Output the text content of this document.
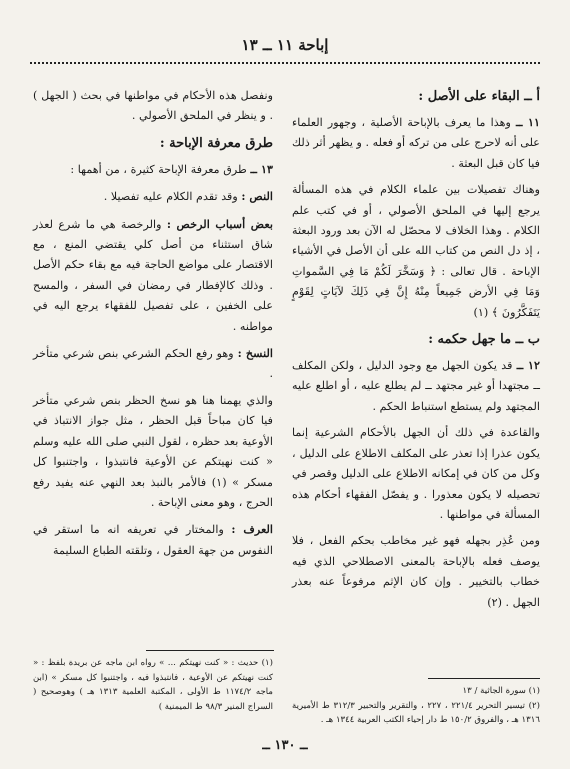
إباحة ١١ ــ ١٣
أ ــ البقاء على الأصل :

١١ ــ وهذا ما يعرف بالإباحة الأصلية ، وجهور العلماء على أنه لاحرج على من تركه أو فعله . و يظهر أثر ذلك فيا كان قبل البعثة .

وهناك تفصيلات بين علماء الكلام في هذه المسألة يرجع إليها في الملحق الأصولي ، أو في كتب علم الكلام . وهذا الخلاف لا محصّل له الآن بعد ورود البعثة ، إذ دل النص من كتاب الله على أن الأصل في الأشياء الإباحة . قال تعالى : ﴿ وَسَخَّرَ لَكُمْ مَا فِي السَّمواتِ وَمَا فِي الأرض جَمِيعاً مِنْهُ إِنَّ فِي ذَلِكَ لآيَاتٍ لِقَوْمٍ يَتَفَكَّرُونَ ﴾ (١)

ب ــ ما جهل حكمه :

١٢ ــ قد يكون الجهل مع وجود الدليل ، ولكن المكلف ــ مجتهدا أو غير مجتهد ــ لم يطلع عليه ، أو اطلع عليه المجتهد ولم يستطع استنباط الحكم .

والقاعدة في ذلك أن الجهل بالأحكام الشرعية إنما يكون عذرا إذا تعذر على المكلف الاطلاع على الدليل ، وكل من كان في إمكانه الاطلاع على الدليل وقصر في تحصيله لا يكون معذورا . و يفصّل الفقهاء أحكام هذه المسألة في مواطنها .

ومن عُذِر بجهله فهو غير مخاطب بحكم الفعل ، فلا يوصف فعله بالإباحة بالمعنى الاصطلاحي الذي فيه خطاب بالتخيير . وإن كان الإثم مرفوعاً عنه بعذر الجهل . (٢)

ونفصل هذه الأحكام في مواطنها في بحث ( الجهل ) . و ينظر في الملحق الأصولي .

طرق معرفة الإباحة :

١٣ ــ طرق معرفة الإباحة كثيرة ، من أهمها :

النص : وقد تقدم الكلام عليه تفصيلا .

بعض أسباب الرخص : والرخصة هي ما شرع لعذر شاق استثناء من أصل كلي يقتضي المنع ، مع الاقتصار على مواضع الحاجة فيه مع بقاء حكم الأصل . وذلك كالإفطار في رمضان في السفر ، والمسح على الخفين ، على تفصيل للفقهاء يرجع اليه في مواطنه .

النسخ : وهو رفع الحكم الشرعي بنص شرعي متأخر .

والذي يهمنا هنا هو نسخ الحظر بنص شرعي متأخر فيا كان مباحاً قبل الحظر ، مثل جواز الانتباذ في الأوعية بعد حظره ، لقول النبي صلى الله عليه وسلم « كنت نهيتكم عن الأوعية فانتبذوا ، واجتنبوا كل مسكر » (١) فالأمر بالنبذ بعد النهي عنه يفيد رفع الحرج ، وهو معنى الإباحة .

العرف : والمختار في تعريفه انه ما استقر في النفوس من جهة العقول ، وتلقته الطباع السليمة

(١) سورة الجاثية / ١٣
(٢) تيسير التحرير ٢٢١/٤ ، ٢٢٧ ، والتقرير والتحبير ٣١٢/٣ ط الأميرية ١٣١٦ هـ ، والفروق ١٥٠/٢ ط دار إحياء الكتب العربية ١٣٤٤ هـ .
(١) حديث : « كنت نهيتكم ... » رواه ابن ماجه عن بريدة بلفظ : « كنت نهيتكم عن الأوعية ، فانتبذوا فيه ، واجتنبوا كل مسكر » (ابن ماجه ١١٧٤/٢ ط الأولى ، المكتبة العلمية ١٣١٣ هـ ) وهوصحيح ( السراج المنير ٩٨/٣ ط الميمنية )
ــ ١٣٠ ــ
